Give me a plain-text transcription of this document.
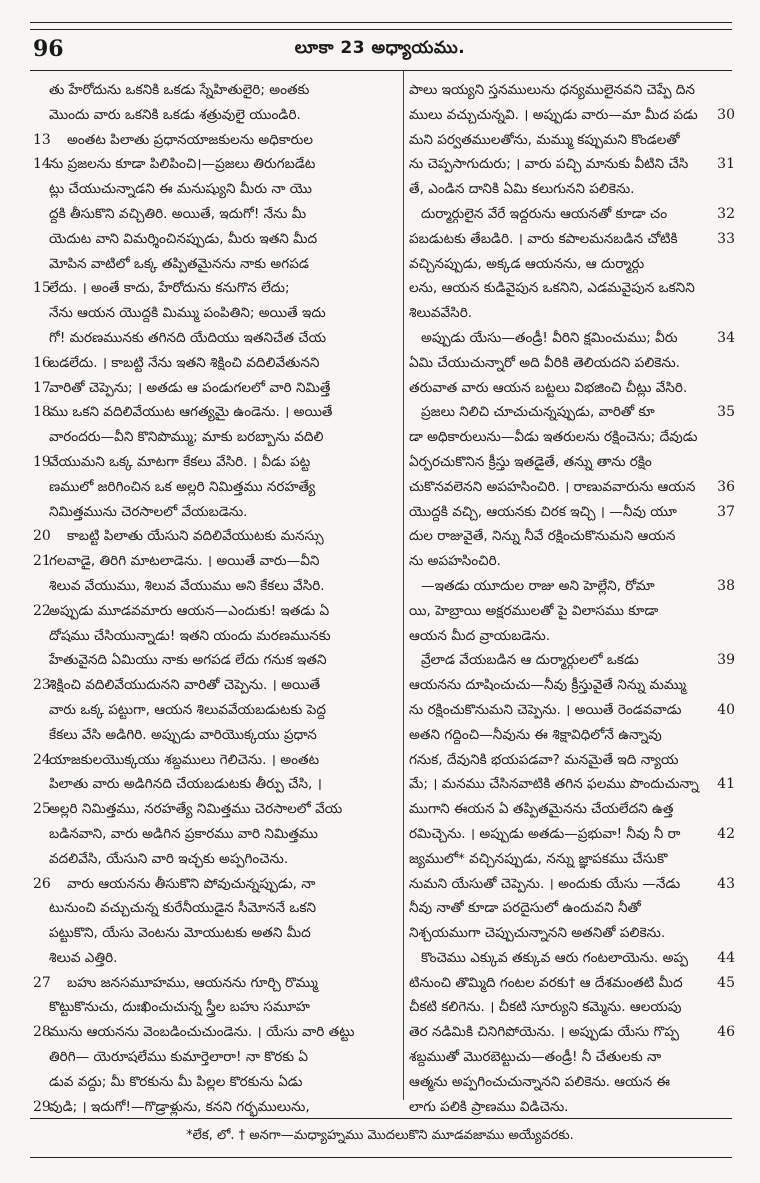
96	లూకా 23 అధ్యాయము.
తు హేరోదును ఒకనికి ఒకడు స్నేహితులైరి; అంతకు
మొందు వారు ఒకనికి ఒకడు శత్రువులై యుండిరి.
13 అంతట పిలాతు ప్రధానయాజకులను అధికారుల
14
ను ప్రజలను కూడా పిలిపించి।—ప్రజలు తిరుగబడేట
ట్లు చేయుచున్నాడని ఈ మనుష్యుని మీరు నా యొ
ద్దకి తీసుకొని వచ్చితిరి. అయితే, ఇదుగో! నేను మీ
యెదుట వాని విమర్శించినప్పుడు, మీరు ఇతని మీద
మోపిన వాటిలో ఒక్క తప్పితమైనను నాకు అగపడ
15
లేదు. । అంతే కాదు, హేరోదును కనుగొన లేదు;
నేను ఆయన యొద్దకి మిమ్ము పంపితిని; అయితే ఇదు
గో! మరణమునకు తగినది యేదియు ఇతనిచేత చేయ
16
బడలేదు. । కాబట్టి నేను ఇతని శిక్షించి వదిలివేతునని
17
వారితో చెప్పెను; । అతడు ఆ పండుగలలో వారి నిమిత్తే
18
ము ఒకని వదిలివేయుట ఆగత్యమై ఉండెను. । అయితే
వారందరు—వీని కొనిపొమ్ము; మాకు బరబ్బాను వదిలి
19
వేయుమని ఒక్క మాటగా కేకలు వేసిరి. । వీడు పట్ట
ణములో జరిగించిన ఒక అల్లరి నిమిత్తము నరహత్యే
నిమిత్తమును చెరసాలలో వేయబడెను.
20 కాబట్టి పిలాతు యేసుని వదిలివేయుటకు మనస్సు
21
గలవాడై, తిరిగి మాటలాడెను. । అయితే వారు—వీని
శిలువ వేయుము, శిలువ వేయుము అని కేకలు వేసిరి.
22
అప్పుడు మూడవమారు ఆయన—ఎందుకు! ఇతడు ఏ
దోషము చేసియున్నాడు! ఇతని యందు మరణమునకు
హేతువైనది ఏమియు నాకు అగపడ లేదు గనుక ఇతని
23
శిక్షించి వదిలివేయుదునని వారితో చెప్పెను. । అయితే
వారు ఒక్క పట్టుగా, ఆయన శిలువవేయబడుటకు పెద్ద
కేకలు వేసి అడిగిరి. అప్పుడు వారియొక్కయు ప్రధాన
24
యాజకులయొక్కయు శబ్దములు గెలిచెను. । అంతట
పిలాతు వారు అడిగినది చేయబడుటకు తీర్పు చేసి, ।
25
అల్లరి నిమిత్తము, నరహత్యే నిమిత్తము చెరసాలలో వేయ
బడినవాని, వారు అడిగిన ప్రకారము వారి నిమిత్తము
వదలివేసి, యేసుని వారి ఇచ్ఛకు అప్పగించెను.
26 వారు ఆయనను తీసుకొని పోవుచున్నప్పుడు, నా
టునుంచి వచ్చుచున్న కురేనీయుడైన సీమోననే ఒకని
పట్టుకొని, యేసు వెంటను మోయుటకు అతని మీద
శిలువ ఎత్తిరి.
27 బహు జనసమూహము, ఆయనను గూర్చి రొమ్ము
కొట్టుకొనుచు, దుఃఖించుచున్న స్త్రీల బహు సమూహ
28
మును ఆయనను వెంబడించుచుండెను. । యేసు వారి తట్టు
తిరిగి— యెరూషలేము కుమార్తెలారా! నా కొరకు ఏ
డువ వద్దు; మీ కొరకును మీ పిల్లల కొరకును ఏడు
29
వుడి; । ఇదుగో!—గొడ్రాళ్లును, కనని గర్భములును,
పాలు ఇయ్యని స్తనములును ధన్యములైనవని చెప్పే దిన
30
ములు వచ్చుచున్నవి. । అప్పుడు వారు—మా మీద పడు
మని పర్వతములతోను, మమ్ము కప్పుమని కొండలతో
31
ను చెప్పసాగుదురు; । వారు పచ్చి మానుకు వీటిని చేసి
తే, ఎండిన దానికి ఏమి కలుగునని పలికెను.
32
దుర్మార్గులైన వేరే ఇద్దరును ఆయనతో కూడా చం
33
పబడుటకు తేబడిరి. । వారు కపాలమనబడిన చోటికి
వచ్చినప్పుడు, అక్కడ ఆయనను, ఆ దుర్మార్గు
లను, ఆయన కుడివైపున ఒకనిని, ఎడమవైపున ఒకనిని
శిలువవేసిరి.
34
అప్పుడు యేసు—తండ్రీ! వీరిని క్షమించుము; వీరు
ఏమి చేయుచున్నారో అది వీరికి తెలియదని పలికెను.
తరువాత వారు ఆయన బట్టలు విభజించి చీట్లు వేసిరి.
35
ప్రజలు నిలిచి చూచుచున్నప్పుడు, వారితో కూ
డా అధికారులును—వీడు ఇతరులను రక్షించెను; దేవుడు
ఏర్పరచుకొనిన క్రీస్తు ఇతడైతే, తన్ను తాను రక్షిం
36
చుకొనవలెనని అపహసించిరి. । రాణువవారును ఆయన
37
యొద్దకి వచ్చి, ఆయనకు చిరక ఇచ్చి । —నీవు యూ
దుల రాజువైతే, నిన్ను నీవే రక్షించుకొనుమని ఆయన
ను అపహసించిరి.
38
—ఇతడు యూదుల రాజు అని హెల్లేని, రోమా
యి, హెబ్రాయి అక్షరములతో పై విలాసము కూడా
ఆయన మీద వ్రాయబడెను.
39
వ్రేలాడ వేయబడిన ఆ దుర్మార్గులలో ఒకడు
ఆయనను దూషించుచు—నీవు క్రీస్తువైతే నిన్ను మమ్ము
40
ను రక్షించుకొనుమని చెప్పెను. । అయితే రెండవవాడు
అతని గద్దించి—నీవును ఈ శిక్షావిధిలోనే ఉన్నావు
గనుక, దేవునికి భయపడవా? మనమైతే ఇది న్యాయ
41
మే; । మనము చేసినవాటికి తగిన ఫలము పొందుచున్నా
ముగాని ఈయన ఏ తప్పితమైనను చేయలేదని ఉత్త
42
రమిచ్చెను. । అప్పుడు అతడు—ప్రభువా! నీవు నీ రా
జ్యములో* వచ్చినప్పుడు, నన్ను జ్ఞాపకము చేసుకొ
43
నుమని యేసుతో చెప్పెను. । అందుకు యేసు —నేడు
నీవు నాతో కూడా పరదైసులో ఉందువని నీతో
నిశ్చయముగా చెప్పుచున్నానని అతనితో పలికెను.
44
కొంచెము ఎక్కువ తక్కువ ఆరు గంటలాయెను. అప్ప
45
టినుంచి తొమ్మిది గంటల వరకు† ఆ దేశమంతటి మీద
చీకటి కలిగెను. । చీకటి సూర్యుని కమ్మెను. ఆలయపు
46
తెర నడిమికి చినిగిపోయెను. । అప్పుడు యేసు గొప్ప
శబ్దముతో మొరబెట్టుచు—తండ్రీ! నీ చేతులకు నా
ఆత్మను అప్పగించుచున్నానని పలికెను. ఆయన ఈ
లాగు పలికి ప్రాణము విడిచెను.
*లేక, లో. † అనగా—మధ్యాహ్నము మొదలుకొని మూడవజాము అయ్యేవరకు.
